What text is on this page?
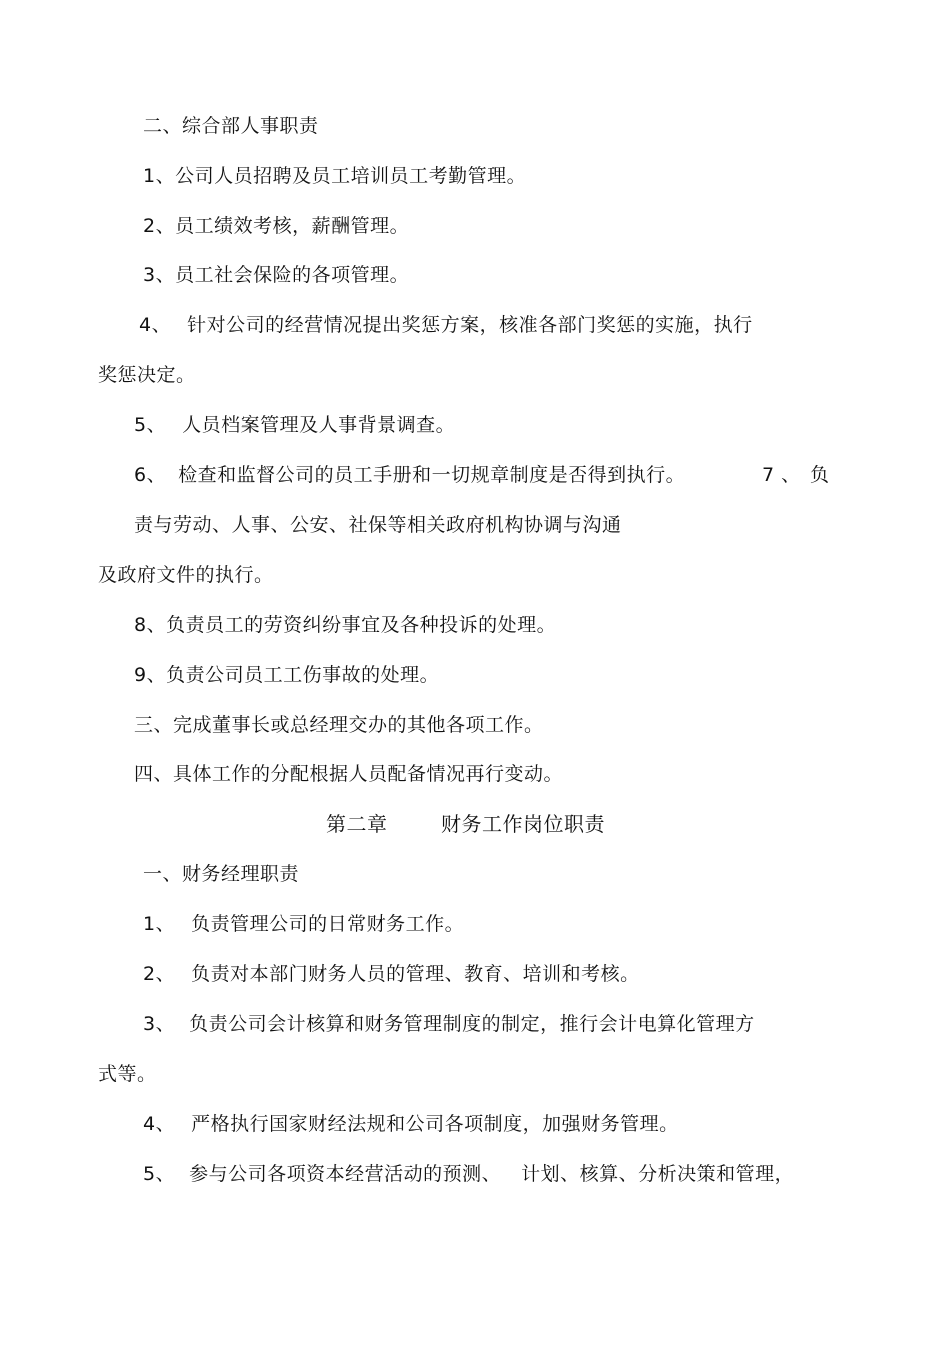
二、综合部人事职责
1、公司人员招聘及员工培训员工考勤管理。
2、员工绩效考核，薪酬管理。
3、员工社会保险的各项管理。
4、 针对公司的经营情况提出奖惩方案，核准各部门奖惩的实施，执行
奖惩决定。
5、 人员档案管理及人事背景调查。
6、 检查和监督公司的员工手册和一切规章制度是否得到执行。	7 、 负
责与劳动、人事、公安、社保等相关政府机构协调与沟通
及政府文件的执行。
8、负责员工的劳资纠纷事宜及各种投诉的处理。
9、负责公司员工工伤事故的处理。
三、完成董事长或总经理交办的其他各项工作。
四、具体工作的分配根据人员配备情况再行变动。
第二章	财务工作岗位职责
一、财务经理职责
1、 负责管理公司的日常财务工作。
2、 负责对本部门财务人员的管理、教育、培训和考核。
3、 负责公司会计核算和财务管理制度的制定，推行会计电算化管理方
式等。
4、 严格执行国家财经法规和公司各项制度，加强财务管理。
5、 参与公司各项资本经营活动的预测、 计划、核算、分析决策和管理，
